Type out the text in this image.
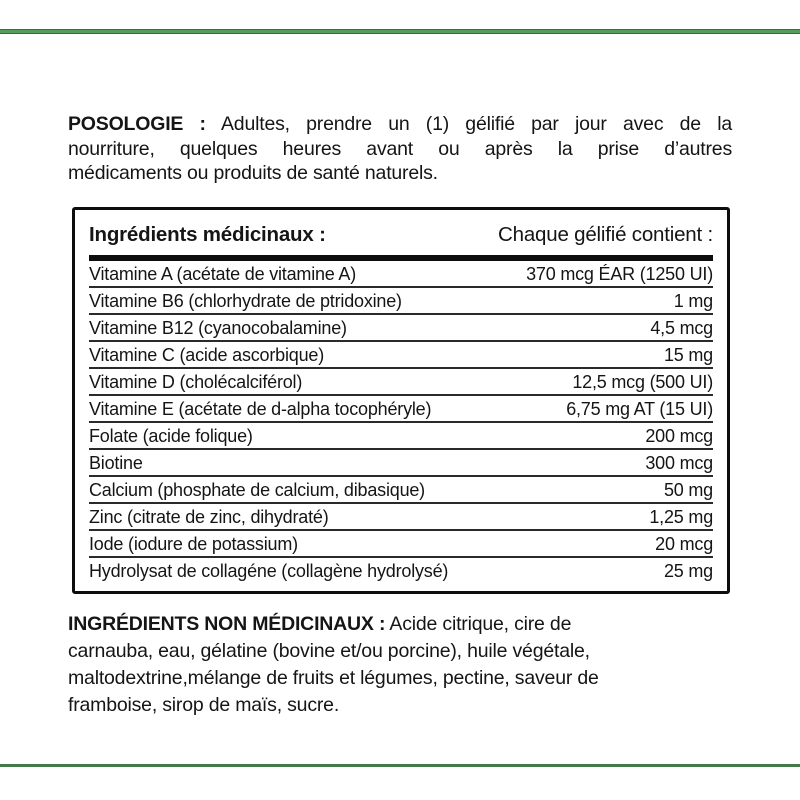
POSOLOGIE : Adultes, prendre un (1) gélifié par jour avec de la
nourriture, quelques heures avant ou après la prise d’autres
médicaments ou produits de santé naturels.
Ingrédients médicinaux :	Chaque gélifié contient :
Vitamine A (acétate de vitamine A)	370 mcg ÉAR (1250 UI)
Vitamine B6 (chlorhydrate de ptridoxine)	1 mg
Vitamine B12 (cyanocobalamine)	4,5 mcg
Vitamine C (acide ascorbique)	15 mg
Vitamine D (cholécalciférol)	12,5 mcg (500 UI)
Vitamine E (acétate de d-alpha tocophéryle)	6,75 mg AT (15 UI)
Folate (acide folique)	200 mcg
Biotine	300 mcg
Calcium (phosphate de calcium, dibasique)	50 mg
Zinc (citrate de zinc, dihydraté)	1,25 mg
Iode (iodure de potassium)	20 mcg
Hydrolysat de collagéne (collagène hydrolysé)	25 mg
INGRÉDIENTS NON MÉDICINAUX : Acide citrique, cire de
carnauba, eau, gélatine (bovine et/ou porcine), huile végétale,
maltodextrine,mélange de fruits et légumes, pectine, saveur de
framboise, sirop de maïs, sucre.
